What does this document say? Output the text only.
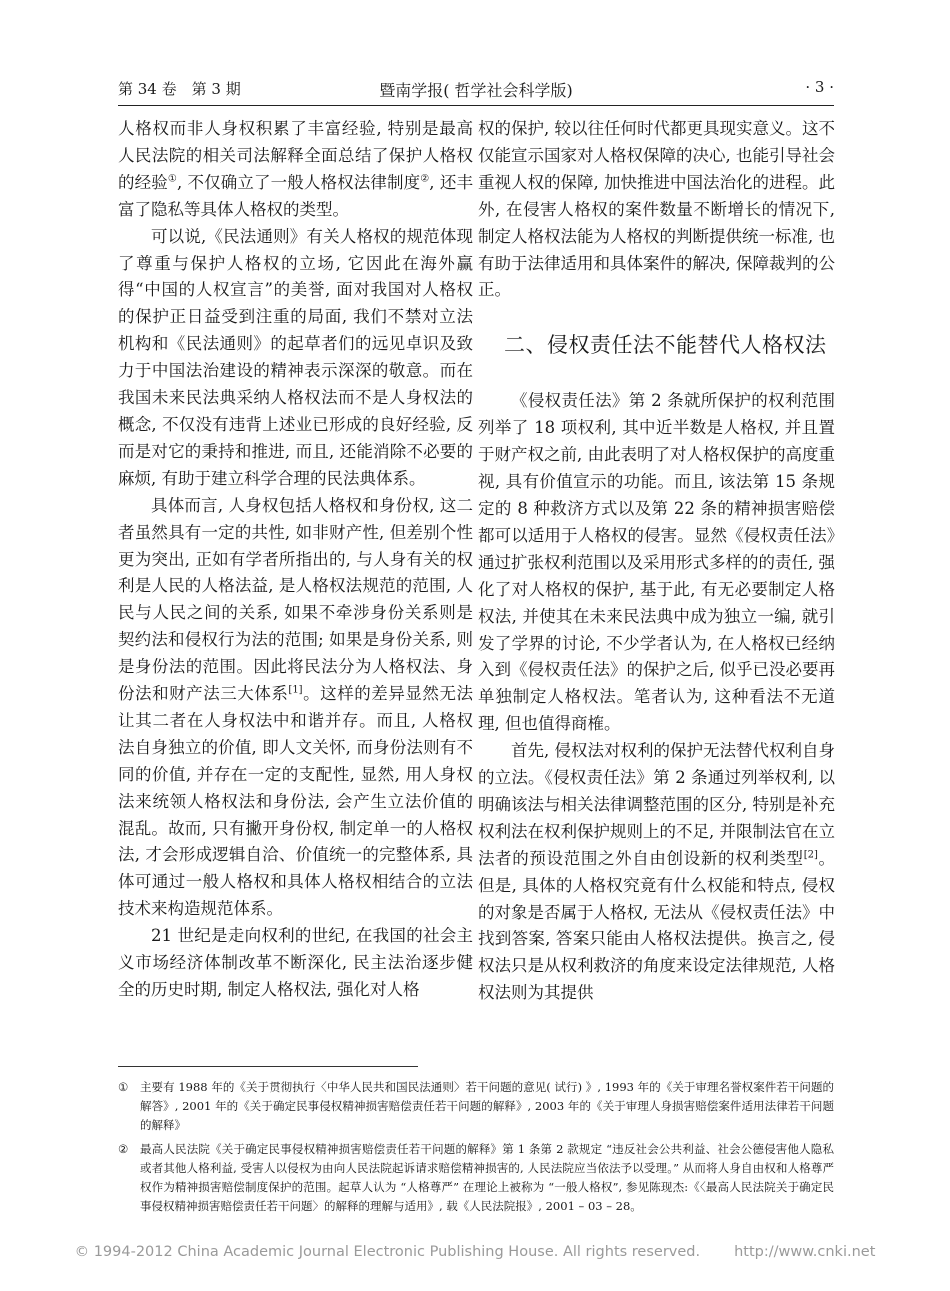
暨南学报( 哲学社会科学版)
第 34 卷　第 3 期	· 3 ·

人格权而非人身权积累了丰富经验, 特别是最高人民法院的相关司法解释全面总结了保护人格权的经验①, 不仅确立了一般人格权法律制度②, 还丰富了隐私等具体人格权的类型。

可以说,《民法通则》有关人格权的规范体现了尊重与保护人格权的立场, 它因此在海外赢得“中国的人权宣言”的美誉, 面对我国对人格权的保护正日益受到注重的局面, 我们不禁对立法机构和《民法通则》的起草者们的远见卓识及致力于中国法治建设的精神表示深深的敬意。而在我国未来民法典采纳人格权法而不是人身权法的概念, 不仅没有违背上述业已形成的良好经验, 反而是对它的秉持和推进, 而且, 还能消除不必要的麻烦, 有助于建立科学合理的民法典体系。

具体而言, 人身权包括人格权和身份权, 这二者虽然具有一定的共性, 如非财产性, 但差别个性更为突出, 正如有学者所指出的, 与人身有关的权利是人民的人格法益, 是人格权法规范的范围, 人民与人民之间的关系, 如果不牵涉身份关系则是契约法和侵权行为法的范围; 如果是身份关系, 则是身份法的范围。因此将民法分为人格权法、身份法和财产法三大体系[1]。这样的差异显然无法让其二者在人身权法中和谐并存。而且, 人格权法自身独立的价值, 即人文关怀, 而身份法则有不同的价值, 并存在一定的支配性, 显然, 用人身权法来统领人格权法和身份法, 会产生立法价值的混乱。故而, 只有撇开身份权, 制定单一的人格权法, 才会形成逻辑自洽、价值统一的完整体系, 具体可通过一般人格权和具体人格权相结合的立法技术来构造规范体系。

21 世纪是走向权利的世纪, 在我国的社会主义市场经济体制改革不断深化, 民主法治逐步健全的历史时期, 制定人格权法, 强化对人格

权的保护, 较以往任何时代都更具现实意义。这不仅能宣示国家对人格权保障的决心, 也能引导社会重视人权的保障, 加快推进中国法治化的进程。此外, 在侵害人格权的案件数量不断增长的情况下, 制定人格权法能为人格权的判断提供统一标准, 也有助于法律适用和具体案件的解决, 保障裁判的公正。

二、侵权责任法不能替代人格权法

《侵权责任法》第 2 条就所保护的权利范围列举了 18 项权利, 其中近半数是人格权, 并且置于财产权之前, 由此表明了对人格权保护的高度重视, 具有价值宣示的功能。而且, 该法第 15 条规定的 8 种救济方式以及第 22 条的精神损害赔偿都可以适用于人格权的侵害。显然《侵权责任法》通过扩张权利范围以及采用形式多样的的责任, 强化了对人格权的保护, 基于此, 有无必要制定人格权法, 并使其在未来民法典中成为独立一编, 就引发了学界的讨论, 不少学者认为, 在人格权已经纳入到《侵权责任法》的保护之后, 似乎已没必要再单独制定人格权法。笔者认为, 这种看法不无道理, 但也值得商榷。

首先, 侵权法对权利的保护无法替代权利自身的立法。《侵权责任法》第 2 条通过列举权利, 以明确该法与相关法律调整范围的区分, 特别是补充权利法在权利保护规则上的不足, 并限制法官在立法者的预设范围之外自由创设新的权利类型[2]。但是, 具体的人格权究竟有什么权能和特点, 侵权的对象是否属于人格权, 无法从《侵权责任法》中找到答案, 答案只能由人格权法提供。换言之, 侵权法只是从权利救济的角度来设定法律规范, 人格权法则为其提供

① 主要有 1988 年的《关于贯彻执行〈中华人民共和国民法通则〉若干问题的意见( 试行) 》, 1993 年的《关于审理名誉权案件若干问题的解答》, 2001 年的《关于确定民事侵权精神损害赔偿责任若干问题的解释》, 2003 年的《关于审理人身损害赔偿案件适用法律若干问题的解释》
② 最高人民法院《关于确定民事侵权精神损害赔偿责任若干问题的解释》第 1 条第 2 款规定 “违反社会公共利益、社会公德侵害他人隐私或者其他人格利益, 受害人以侵权为由向人民法院起诉请求赔偿精神损害的, 人民法院应当依法予以受理。” 从而将人身自由权和人格尊严权作为精神损害赔偿制度保护的范围。起草人认为 “人格尊严” 在理论上被称为 “一般人格权”, 参见陈现杰:《〈最高人民法院关于确定民事侵权精神损害赔偿责任若干问题〉的解释的理解与适用》, 载《人民法院报》, 2001 – 03 – 28。
© 1994-2012 China Academic Journal Electronic Publishing House. All rights reserved. http://www.cnki.net
